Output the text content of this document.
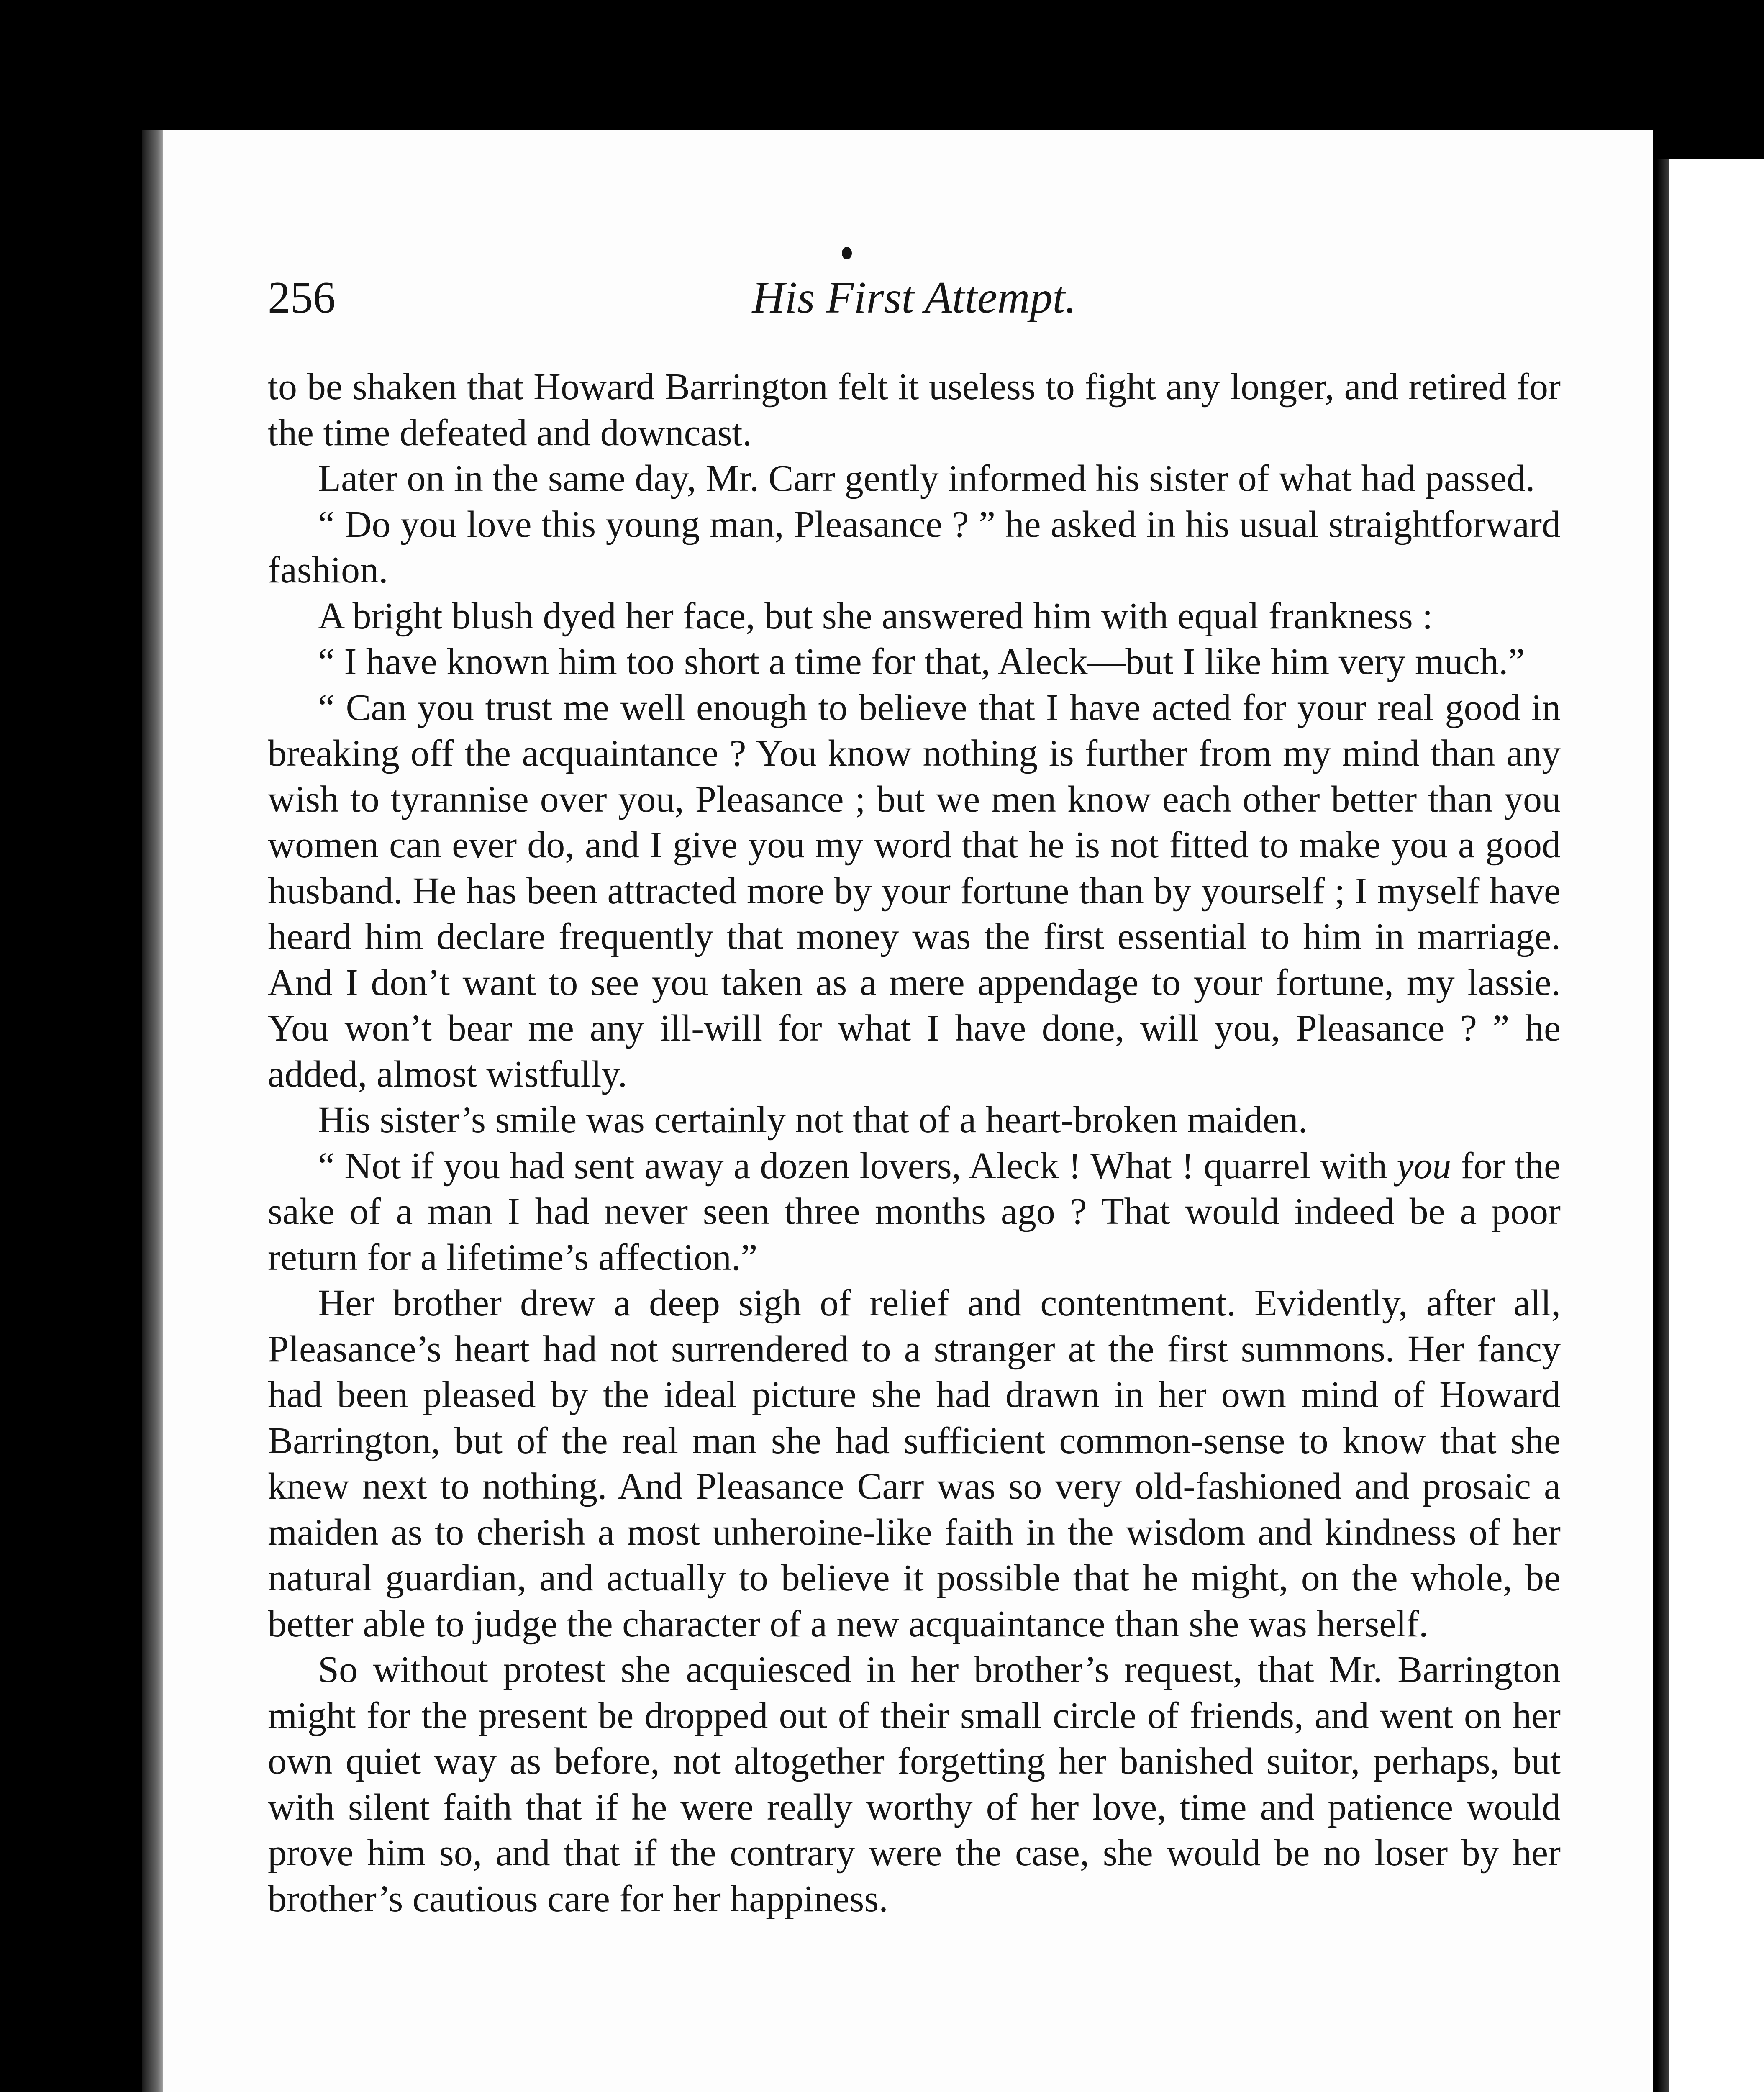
256	His First Attempt.

to be shaken that Howard Barrington felt it useless to fight any longer, and retired for the time defeated and downcast.

Later on in the same day, Mr. Carr gently informed his sister of what had passed.

“ Do you love this young man, Pleasance ? ” he asked in his usual straightforward fashion.

A bright blush dyed her face, but she answered him with equal frankness :

“ I have known him too short a time for that, Aleck—but I like him very much.”

“ Can you trust me well enough to believe that I have acted for your real good in breaking off the acquaintance ? You know nothing is further from my mind than any wish to tyrannise over you, Pleasance ; but we men know each other better than you women can ever do, and I give you my word that he is not fitted to make you a good husband. He has been attracted more by your fortune than by yourself ; I myself have heard him declare frequently that money was the first essential to him in marriage. And I don’t want to see you taken as a mere appendage to your fortune, my lassie. You won’t bear me any ill-will for what I have done, will you, Pleasance ? ” he added, almost wistfully.

His sister’s smile was certainly not that of a heart-broken maiden.

“ Not if you had sent away a dozen lovers, Aleck ! What ! quarrel with you for the sake of a man I had never seen three months ago ? That would indeed be a poor return for a lifetime’s affection.”

Her brother drew a deep sigh of relief and contentment. Evidently, after all, Pleasance’s heart had not surrendered to a stranger at the first summons. Her fancy had been pleased by the ideal picture she had drawn in her own mind of Howard Barrington, but of the real man she had sufficient common-sense to know that she knew next to nothing. And Pleasance Carr was so very old-fashioned and prosaic a maiden as to cherish a most unheroine-like faith in the wisdom and kindness of her natural guardian, and actually to believe it possible that he might, on the whole, be better able to judge the character of a new acquaintance than she was herself.

So without protest she acquiesced in her brother’s request, that Mr. Barrington might for the present be dropped out of their small circle of friends, and went on her own quiet way as before, not altogether forgetting her banished suitor, perhaps, but with silent faith that if he were really worthy of her love, time and patience would prove him so, and that if the contrary were the case, she would be no loser by her brother’s cautious care for her happiness.
